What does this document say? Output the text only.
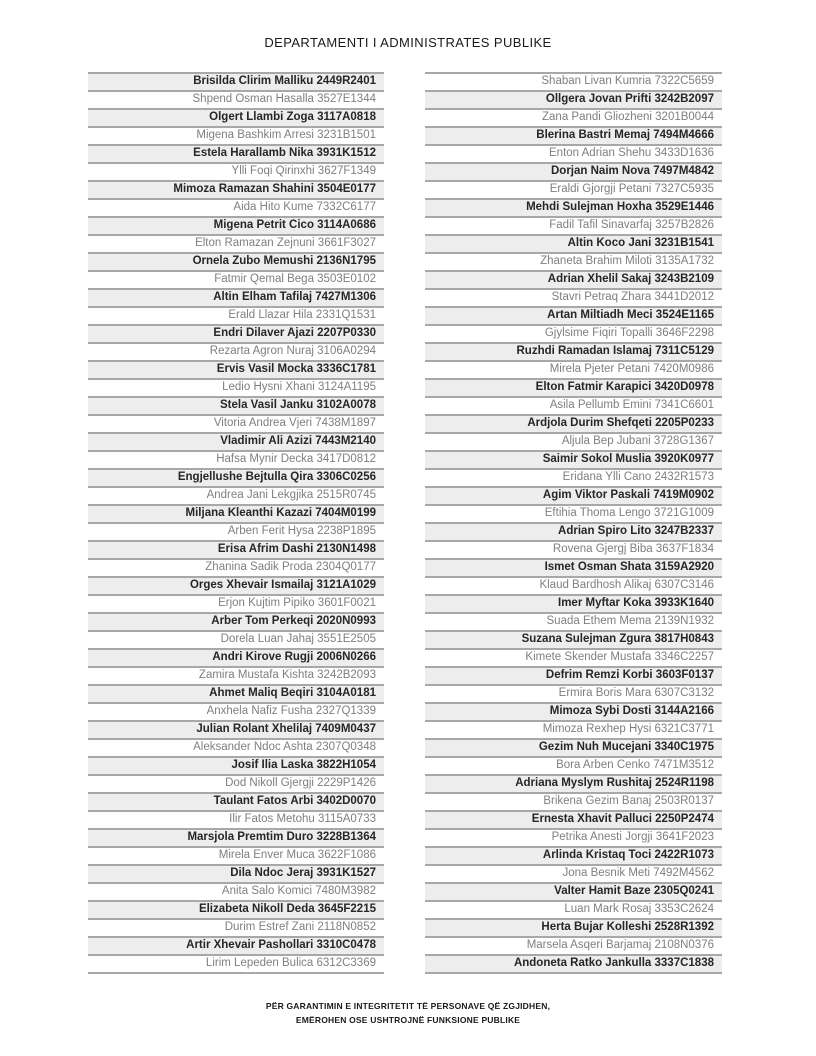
DEPARTAMENTI I ADMINISTRATES PUBLIKE
Brisilda Clirim Malliku 2449R2401
Shpend Osman Hasalla 3527E1344
Olgert Llambi Zoga 3117A0818
Migena Bashkim Arresi 3231B1501
Estela Harallamb Nika 3931K1512
Ylli Foqi Qirinxhi 3627F1349
Mimoza Ramazan Shahini 3504E0177
Aida Hito Kume 7332C6177
Migena Petrit Cico 3114A0686
Elton Ramazan Zejnuni 3661F3027
Ornela Zubo Memushi 2136N1795
Fatmir Qemal Bega 3503E0102
Altin Elham Tafilaj 7427M1306
Erald Llazar Hila 2331Q1531
Endri Dilaver Ajazi 2207P0330
Rezarta Agron Nuraj 3106A0294
Ervis Vasil Mocka 3336C1781
Ledio Hysni Xhani 3124A1195
Stela Vasil Janku 3102A0078
Vitoria Andrea Vjeri 7438M1897
Vladimir Ali Azizi 7443M2140
Hafsa Mynir Decka 3417D0812
Engjellushe Bejtulla Qira 3306C0256
Andrea Jani Lekgjika 2515R0745
Miljana Kleanthi Kazazi 7404M0199
Arben Ferit Hysa 2238P1895
Erisa Afrim Dashi 2130N1498
Zhanina Sadik Proda 2304Q0177
Orges Xhevair Ismailaj 3121A1029
Erjon Kujtim Pipiko 3601F0021
Arber Tom Perkeqi 2020N0993
Dorela Luan Jahaj 3551E2505
Andri Kirove Rugji 2006N0266
Zamira Mustafa Kishta 3242B2093
Ahmet Maliq Beqiri 3104A0181
Anxhela Nafiz Fusha 2327Q1339
Julian Rolant Xhelilaj 7409M0437
Aleksander Ndoc Ashta 2307Q0348
Josif Ilia Laska 3822H1054
Dod Nikoll Gjergji 2229P1426
Taulant Fatos Arbi 3402D0070
Ilir Fatos Metohu 3115A0733
Marsjola Premtim Duro 3228B1364
Mirela Enver Muca 3622F1086
Dila Ndoc Jeraj 3931K1527
Anita Salo Komici 7480M3982
Elizabeta Nikoll Deda 3645F2215
Durim Estref Zani 2118N0852
Artir Xhevair Pashollari 3310C0478
Lirim Lepeden Bulica 6312C3369
Shaban Livan Kumria 7322C5659
Ollgera Jovan Prifti 3242B2097
Zana Pandi Gliozheni 3201B0044
Blerina Bastri Memaj 7494M4666
Enton Adrian Shehu 3433D1636
Dorjan Naim Nova 7497M4842
Eraldi Gjorgji Petani 7327C5935
Mehdi Sulejman Hoxha 3529E1446
Fadil Tafil Sinavarfaj 3257B2826
Altin Koco Jani 3231B1541
Zhaneta Brahim Miloti 3135A1732
Adrian Xhelil Sakaj 3243B2109
Stavri Petraq Zhara 3441D2012
Artan Miltiadh Meci 3524E1165
Gjylsime Fiqiri Topalli 3646F2298
Ruzhdi Ramadan Islamaj 7311C5129
Mirela Pjeter Petani 7420M0986
Elton Fatmir Karapici 3420D0978
Asila Pellumb Emini 7341C6601
Ardjola Durim Shefqeti 2205P0233
Aljula Bep Jubani 3728G1367
Saimir Sokol Muslia 3920K0977
Eridana Ylli Cano 2432R1573
Agim Viktor Paskali 7419M0902
Eftihia Thoma Lengo 3721G1009
Adrian Spiro Lito 3247B2337
Rovena Gjergj Biba 3637F1834
Ismet Osman Shata 3159A2920
Klaud Bardhosh Alikaj 6307C3146
Imer Myftar Koka 3933K1640
Suada Ethem Mema 2139N1932
Suzana Sulejman Zgura 3817H0843
Kimete Skender Mustafa 3346C2257
Defrim Remzi Korbi 3603F0137
Ermira Boris Mara 6307C3132
Mimoza Sybi Dosti 3144A2166
Mimoza Rexhep Hysi 6321C3771
Gezim Nuh Mucejani 3340C1975
Bora Arben Cenko 7471M3512
Adriana Myslym Rushitaj 2524R1198
Brikena Gezim Banaj 2503R0137
Ernesta Xhavit Palluci 2250P2474
Petrika Anesti Jorgji 3641F2023
Arlinda Kristaq Toci 2422R1073
Jona Besnik Meti 7492M4562
Valter Hamit Baze 2305Q0241
Luan Mark Rosaj 3353C2624
Herta Bujar Kolleshi 2528R1392
Marsela Asqeri Barjamaj 2108N0376
Andoneta Ratko Jankulla 3337C1838
PËR GARANTIMIN E INTEGRITETIT TË PERSONAVE QË ZGJIDHEN,
EMËROHEN OSE USHTROJNË FUNKSIONE PUBLIKE
